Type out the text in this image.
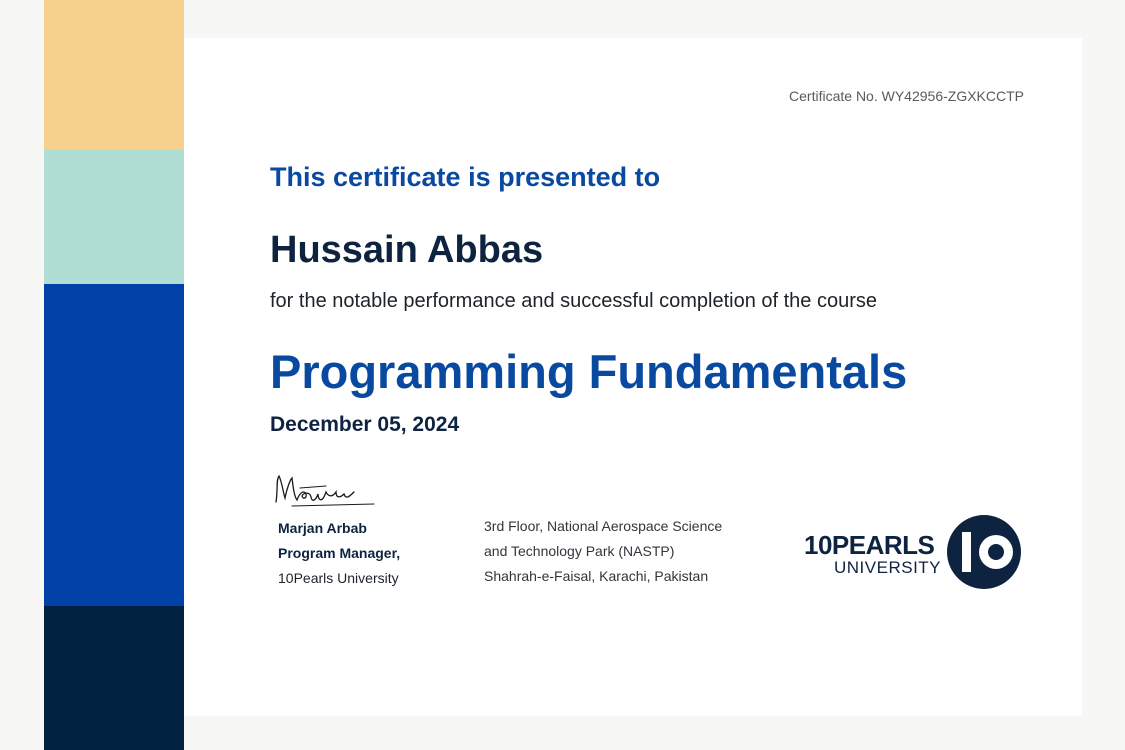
Certificate No. WY42956-ZGXKCCTP
This certificate is presented to
Hussain Abbas
for the notable performance and successful completion of the course
Programming Fundamentals
December 05, 2024
Marjan Arbab
Program Manager,
10Pearls University
3rd Floor, National Aerospace Science
and Technology Park (NASTP)
Shahrah-e-Faisal, Karachi, Pakistan
10PEARLS
UNIVERSITY
